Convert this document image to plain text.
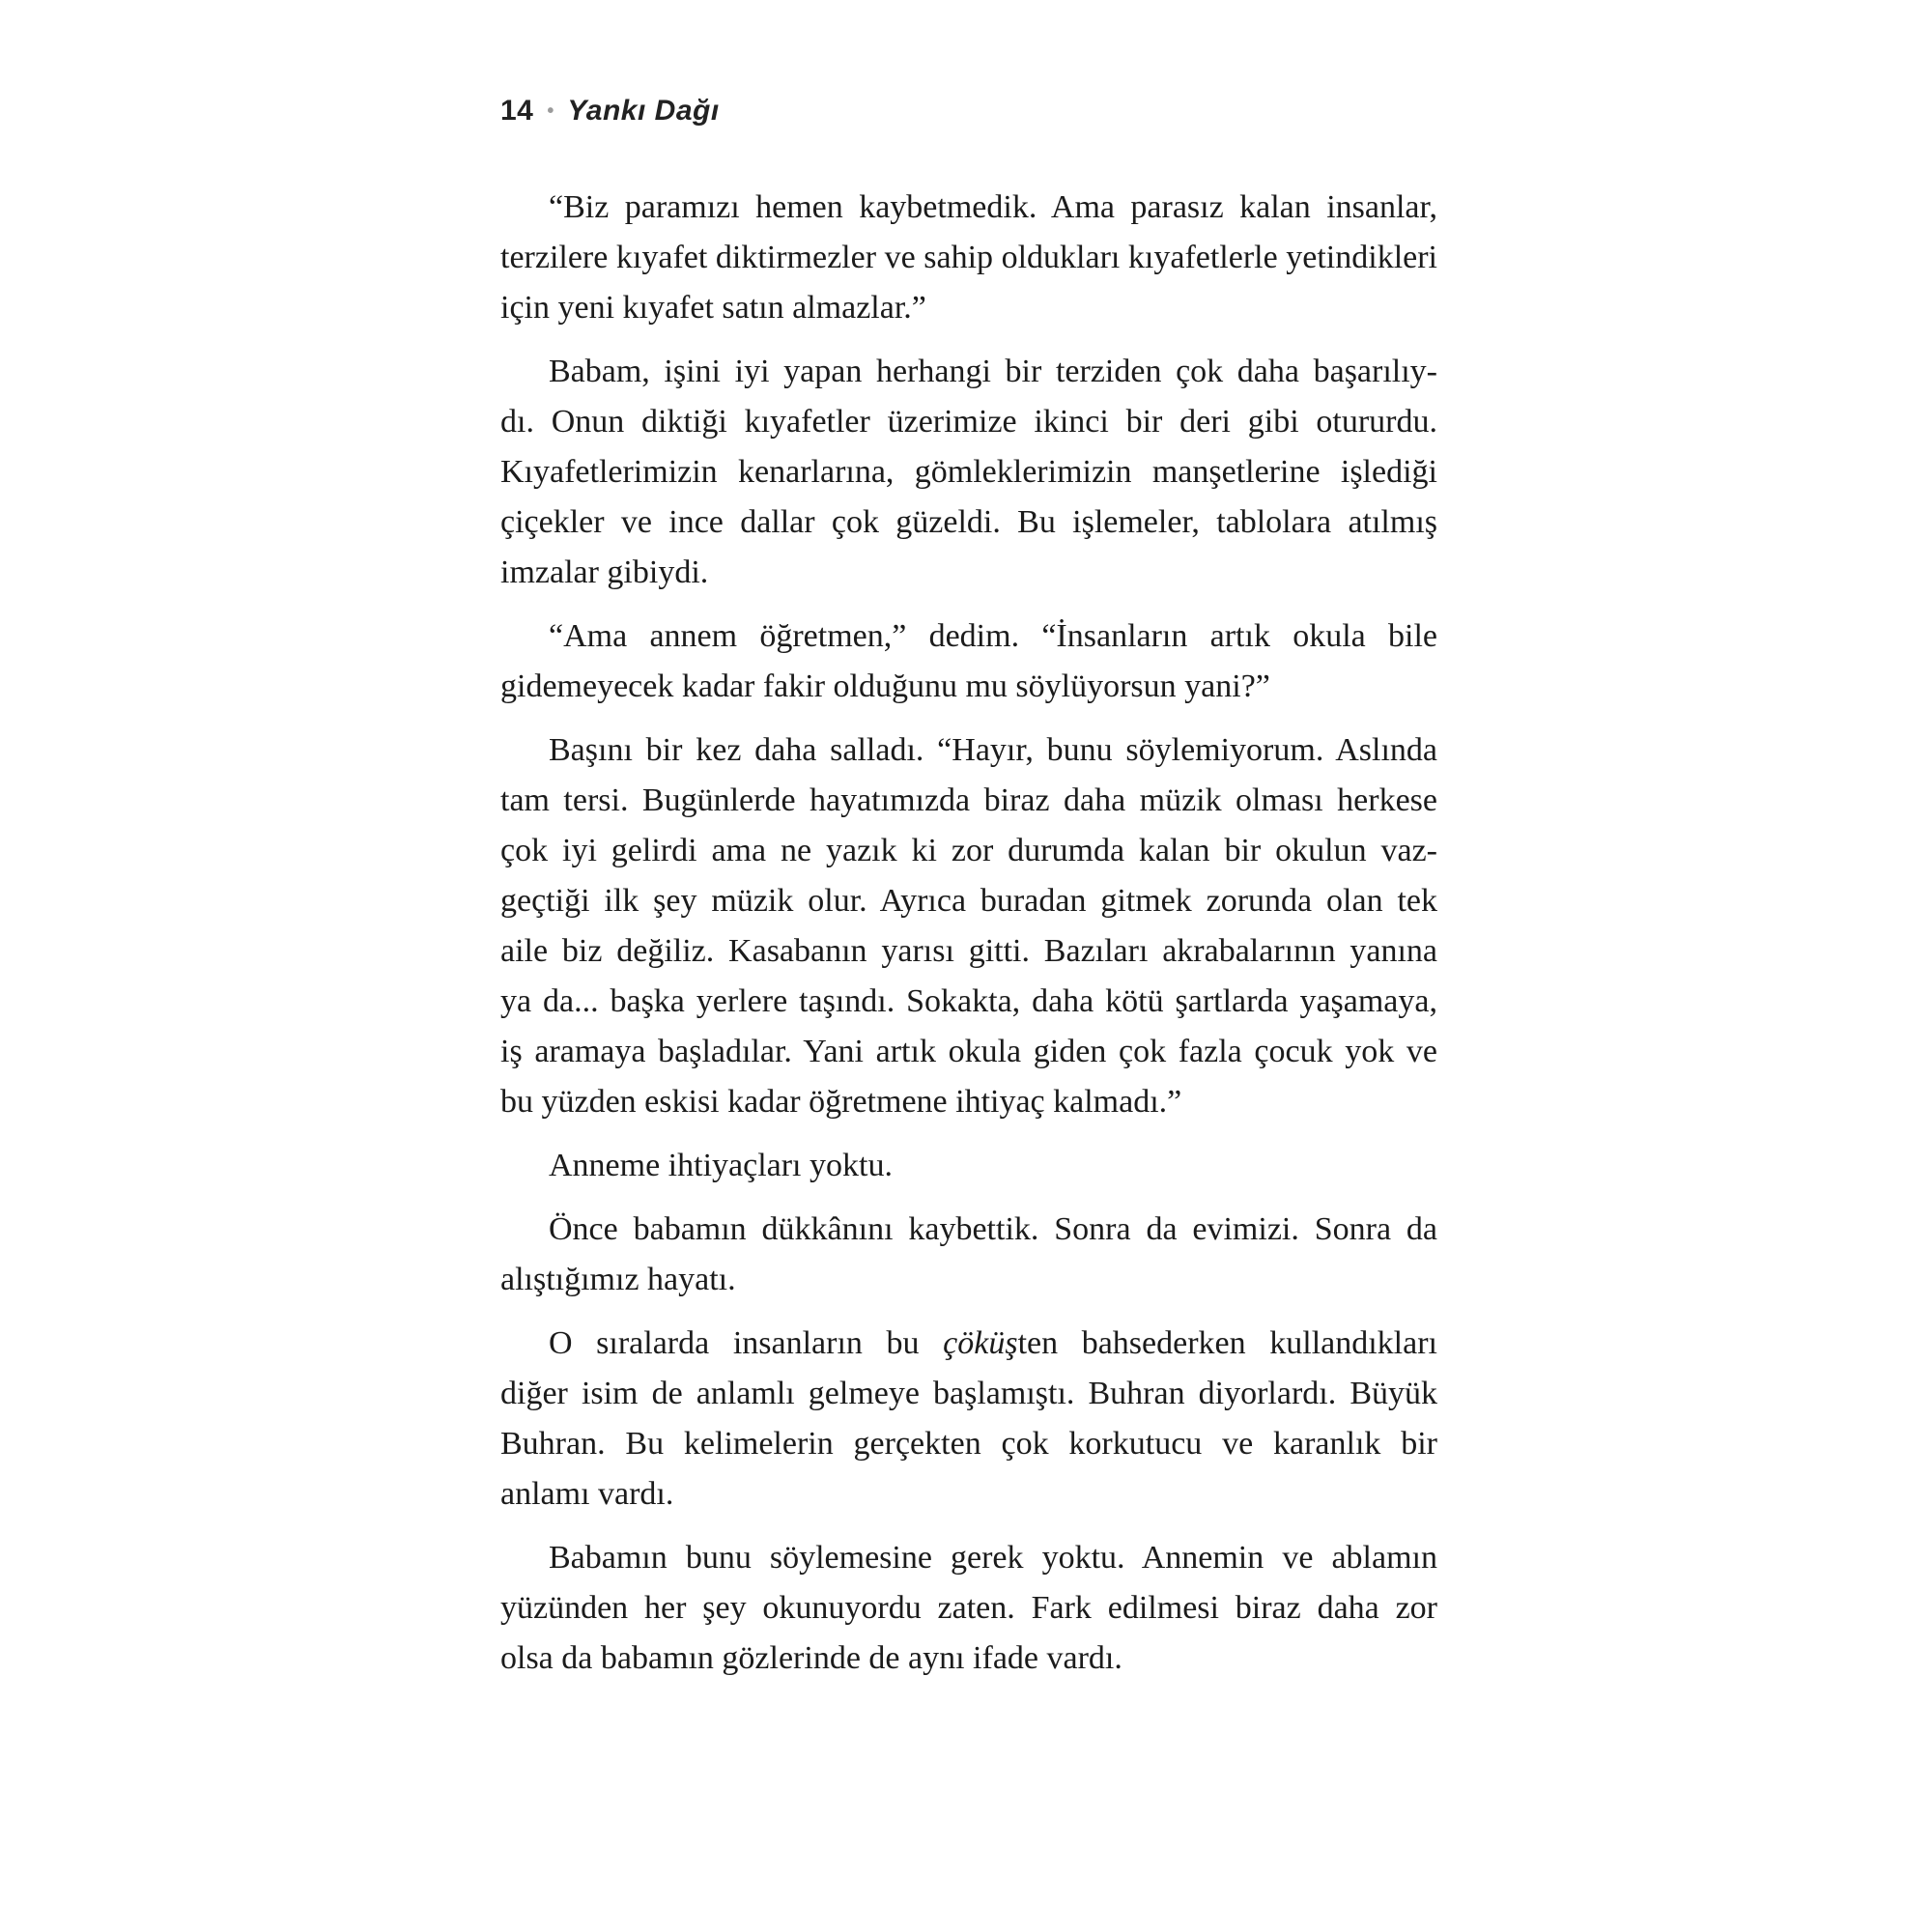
14 • Yankı Dağı

“Biz paramızı hemen kaybetmedik. Ama parasız kalan insanlar,
terzilere kıyafet diktirmezler ve sahip oldukları kıyafetlerle yetindikleri
için yeni kıyafet satın almazlar.”

Babam, işini iyi yapan herhangi bir terziden çok daha başarılıy-
dı. Onun diktiği kıyafetler üzerimize ikinci bir deri gibi otururdu.
Kıyafetlerimizin kenarlarına, gömleklerimizin manşetlerine işlediği
çiçekler ve ince dallar çok güzeldi. Bu işlemeler, tablolara atılmış
imzalar gibiydi.

“Ama annem öğretmen,” dedim. “İnsanların artık okula bile
gidemeyecek kadar fakir olduğunu mu söylüyorsun yani?”

Başını bir kez daha salladı. “Hayır, bunu söylemiyorum. Aslında
tam tersi. Bugünlerde hayatımızda biraz daha müzik olması herkese
çok iyi gelirdi ama ne yazık ki zor durumda kalan bir okulun vaz-
geçtiği ilk şey müzik olur. Ayrıca buradan gitmek zorunda olan tek
aile biz değiliz. Kasabanın yarısı gitti. Bazıları akrabalarının yanına
ya da... başka yerlere taşındı. Sokakta, daha kötü şartlarda yaşamaya,
iş aramaya başladılar. Yani artık okula giden çok fazla çocuk yok ve
bu yüzden eskisi kadar öğretmene ihtiyaç kalmadı.”

Anneme ihtiyaçları yoktu.

Önce babamın dükkânını kaybettik. Sonra da evimizi. Sonra da
alıştığımız hayatı.

O sıralarda insanların bu çöküşten bahsederken kullandıkları
diğer isim de anlamlı gelmeye başlamıştı. Buhran diyorlardı. Büyük
Buhran. Bu kelimelerin gerçekten çok korkutucu ve karanlık bir
anlamı vardı.

Babamın bunu söylemesine gerek yoktu. Annemin ve ablamın
yüzünden her şey okunuyordu zaten. Fark edilmesi biraz daha zor
olsa da babamın gözlerinde de aynı ifade vardı.
